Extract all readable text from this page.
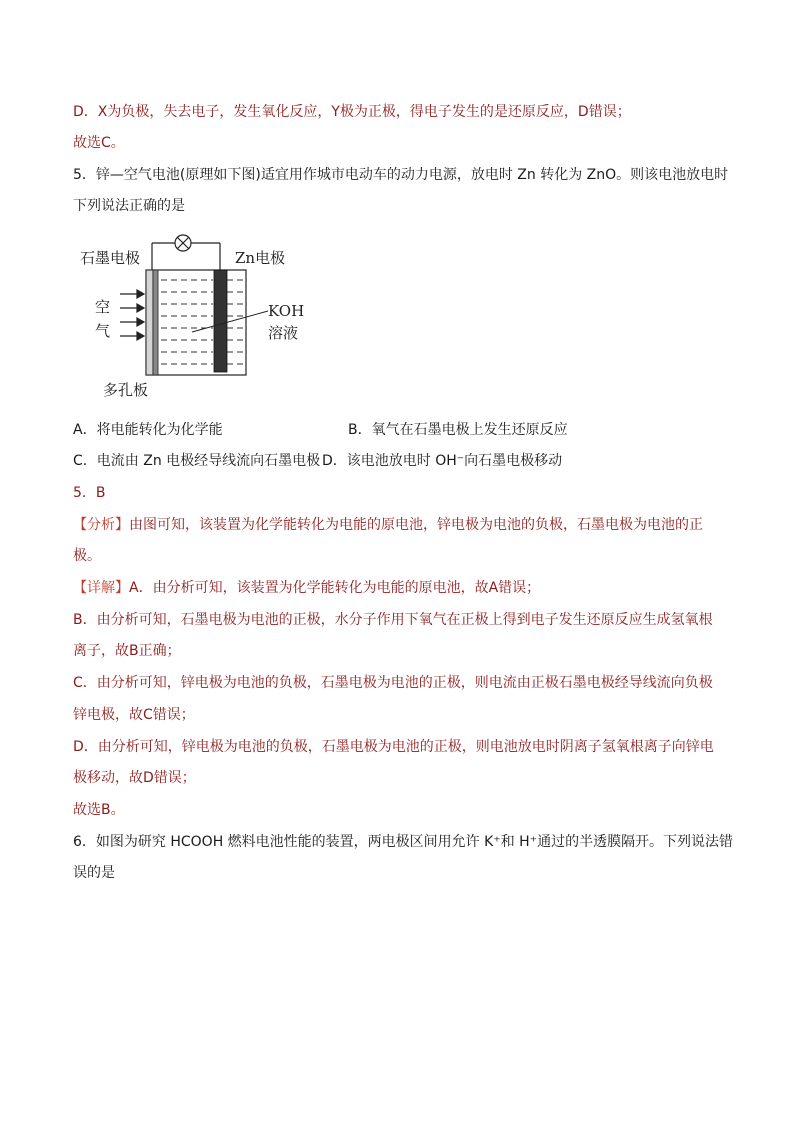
D．X为负极，失去电子，发生氧化反应，Y极为正极，得电子发生的是还原反应，D错误；
故选C。
5．锌—空气电池(原理如下图)适宜用作城市电动车的动力电源，放电时 Zn 转化为 ZnO。则该电池放电时
下列说法正确的是
石墨电极	Zn电极
空
气
KOH
溶液
多孔板
A．将电能转化为化学能	B．氧气在石墨电极上发生还原反应
C．电流由 Zn 电极经导线流向石墨电极 D．该电池放电时 OH⁻向石墨电极移动
5．B
【分析】由图可知，该装置为化学能转化为电能的原电池，锌电极为电池的负极，石墨电极为电池的正
极。
【详解】A．由分析可知，该装置为化学能转化为电能的原电池，故A错误；
B．由分析可知，石墨电极为电池的正极，水分子作用下氧气在正极上得到电子发生还原反应生成氢氧根
离子，故B正确；
C．由分析可知，锌电极为电池的负极，石墨电极为电池的正极，则电流由正极石墨电极经导线流向负极
锌电极，故C错误；
D．由分析可知，锌电极为电池的负极，石墨电极为电池的正极，则电池放电时阴离子氢氧根离子向锌电
极移动，故D错误；
故选B。
6．如图为研究 HCOOH 燃料电池性能的装置，两电极区间用允许 K⁺和 H⁺通过的半透膜隔开。下列说法错
误的是
